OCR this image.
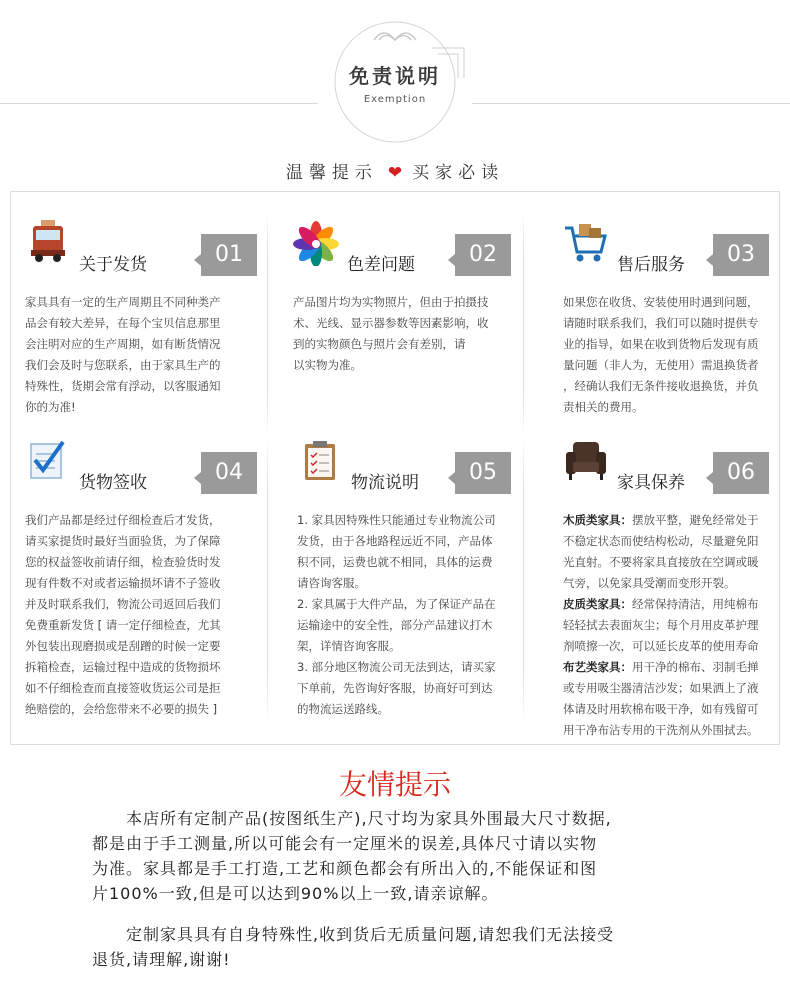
免责说明
Exemption
温馨提示 ❤ 买家必读
关于发货	01

家具具有一定的生产周期且不同种类产

品会有较大差异，在每个宝贝信息那里

会注明对应的生产周期，如有断货情况

我们会及时与您联系，由于家具生产的

特殊性，货期会常有浮动，以客服通知

你的为准!

色差问题	02

产品图片均为实物照片，但由于拍摄技

术、光线、显示器参数等因素影响，收

到的实物颜色与照片会有差别，请

以实物为准。

售后服务	03

如果您在收货、安装使用时遇到问题，

请随时联系我们，我们可以随时提供专

业的指导，如果在收到货物后发现有质

量问题（非人为，无使用）需退换货者

，经确认我们无条件接收退换货，并负

责相关的费用。

货物签收	04

我们产品都是经过仔细检查后才发货，

请买家提货时最好当面验货，为了保障

您的权益签收前请仔细，检查验货时发

现有件数不对或者运输损坏请不子签收

并及时联系我们，物流公司返回后我们

免费重新发货 [ 请一定仔细检查，尤其

外包装出现磨损或是刮蹭的时候一定要

拆箱检查，运输过程中造成的货物损坏

如不仔细检查而直接签收货运公司是拒

绝赔偿的，会给您带来不必要的损失 ]

物流说明	05

1. 家具因特殊性只能通过专业物流公司

发货，由于各地路程远近不同，产品体

积不同，运费也就不相同，具体的运费

请咨询客服。

2. 家具属于大件产品，为了保证产品在

运输途中的安全性，部分产品建议打木

架，详情咨询客服。

3. 部分地区物流公司无法到达，请买家

下单前，先咨询好客服，协商好可到达

的物流运送路线。

家具保养	06

木质类家具：摆放平整，避免经常处于

不稳定状态而使结构松动，尽量避免阳

光直射。不要将家具直接放在空调或暖

气旁，以免家具受潮而变形开裂。

皮质类家具：经常保持清洁，用纯棉布

轻轻拭去表面灰尘；每个月用皮革护理

剂喷擦一次，可以延长皮革的使用寿命

布艺类家具：用干净的棉布、羽制毛掸

或专用吸尘器清洁沙发；如果洒上了液

体请及时用软棉布吸干净，如有残留可

用干净布沾专用的干洗剂从外围拭去。

友情提示

　　本店所有定制产品(按图纸生产),尺寸均为家具外围最大尺寸数据,

都是由于手工测量,所以可能会有一定厘米的误差,具体尺寸请以实物

为准。家具都是手工打造,工艺和颜色都会有所出入的,不能保证和图

片100%一致,但是可以达到90%以上一致,请亲谅解。

　　定制家具具有自身特殊性,收到货后无质量问题,请恕我们无法接受

退货,请理解,谢谢!
